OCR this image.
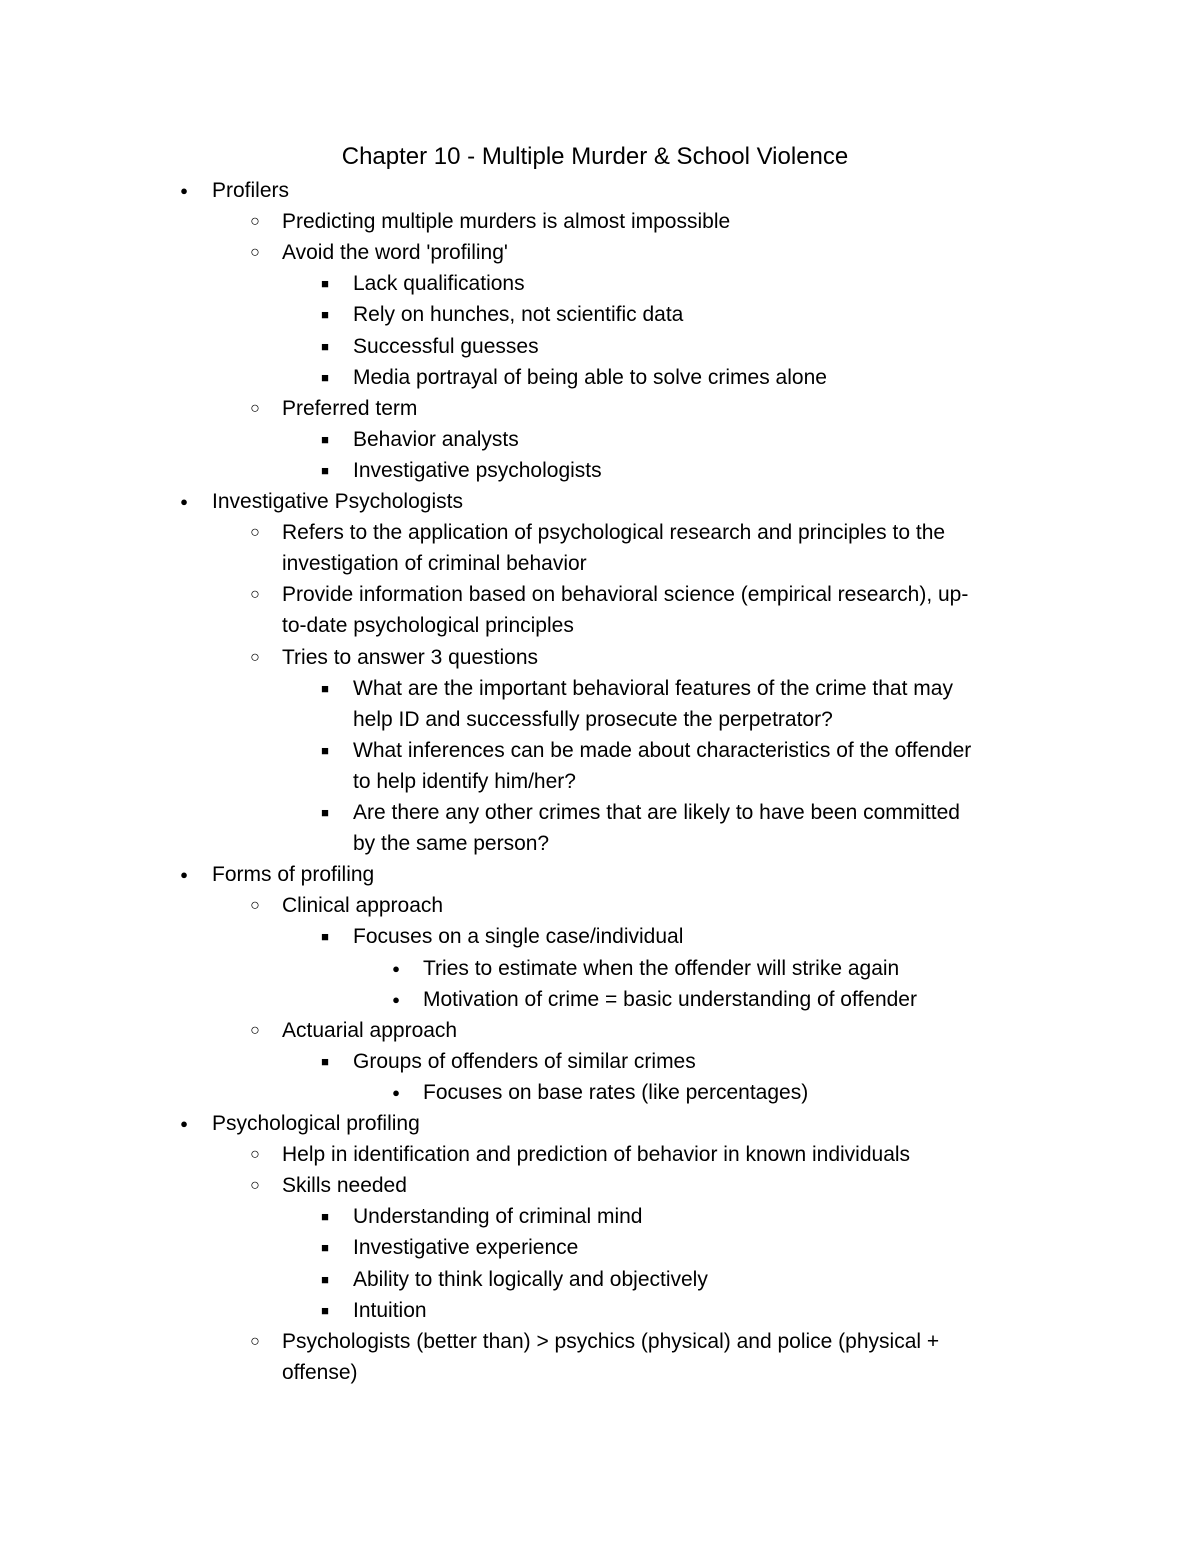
Chapter 10 - Multiple Murder & School Violence
Profilers
●
Predicting multiple murders is almost impossible
○
Avoid the word 'profiling'
○
Lack qualifications
■
Rely on hunches, not scientific data
■
Successful guesses
■
Media portrayal of being able to solve crimes alone
■
Preferred term
○
Behavior analysts
■
Investigative psychologists
■
Investigative Psychologists
●
Refers to the application of psychological research and principles to the
○
investigation of criminal behavior
Provide information based on behavioral science (empirical research), up-
○
to-date psychological principles
Tries to answer 3 questions
○
What are the important behavioral features of the crime that may
■
help ID and successfully prosecute the perpetrator?
What inferences can be made about characteristics of the offender
■
to help identify him/her?
Are there any other crimes that are likely to have been committed
■
by the same person?
Forms of profiling
●
Clinical approach
○
Focuses on a single case/individual
■
Tries to estimate when the offender will strike again
●
Motivation of crime = basic understanding of offender
●
Actuarial approach
○
Groups of offenders of similar crimes
■
Focuses on base rates (like percentages)
●
Psychological profiling
●
Help in identification and prediction of behavior in known individuals
○
Skills needed
○
Understanding of criminal mind
■
Investigative experience
■
Ability to think logically and objectively
■
Intuition
■
Psychologists (better than) > psychics (physical) and police (physical +
○
offense)
